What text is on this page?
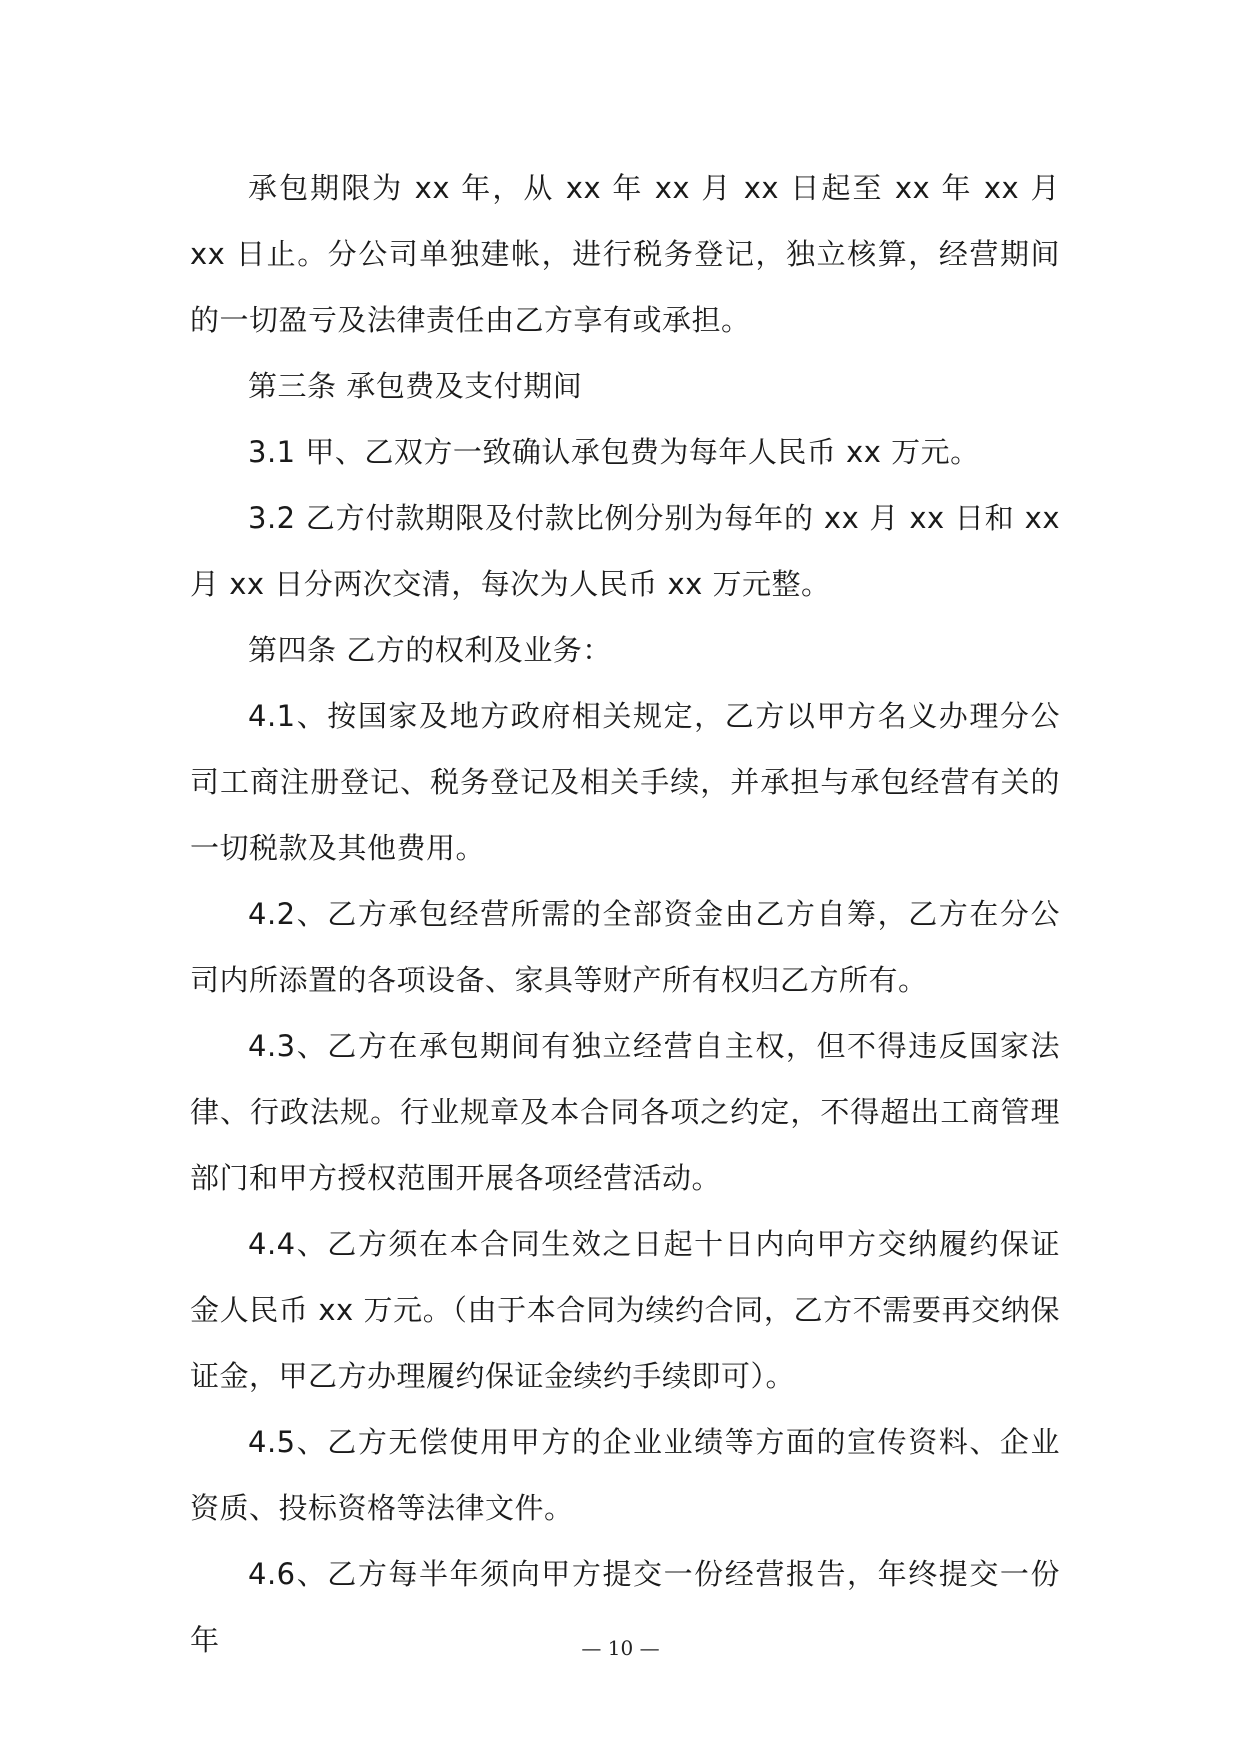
承包期限为 xx 年，从 xx 年 xx 月 xx 日起至 xx 年 xx 月 xx 日止。分公司单独建帐，进行税务登记，独立核算，经营期间的一切盈亏及法律责任由乙方享有或承担。

第三条 承包费及支付期间

3.1 甲、乙双方一致确认承包费为每年人民币 xx 万元。

3.2 乙方付款期限及付款比例分别为每年的 xx 月 xx 日和 xx 月 xx 日分两次交清，每次为人民币 xx 万元整。

第四条 乙方的权利及业务：

4.1、按国家及地方政府相关规定，乙方以甲方名义办理分公司工商注册登记、税务登记及相关手续，并承担与承包经营有关的一切税款及其他费用。

4.2、乙方承包经营所需的全部资金由乙方自筹，乙方在分公司内所添置的各项设备、家具等财产所有权归乙方所有。

4.3、乙方在承包期间有独立经营自主权，但不得违反国家法律、行政法规。行业规章及本合同各项之约定，不得超出工商管理部门和甲方授权范围开展各项经营活动。

4.4、乙方须在本合同生效之日起十日内向甲方交纳履约保证金人民币 xx 万元。（由于本合同为续约合同，乙方不需要再交纳保证金，甲乙方办理履约保证金续约手续即可）。

4.5、乙方无偿使用甲方的企业业绩等方面的宣传资料、企业资质、投标资格等法律文件。

4.6、乙方每半年须向甲方提交一份经营报告，年终提交一份年	— 10 —
